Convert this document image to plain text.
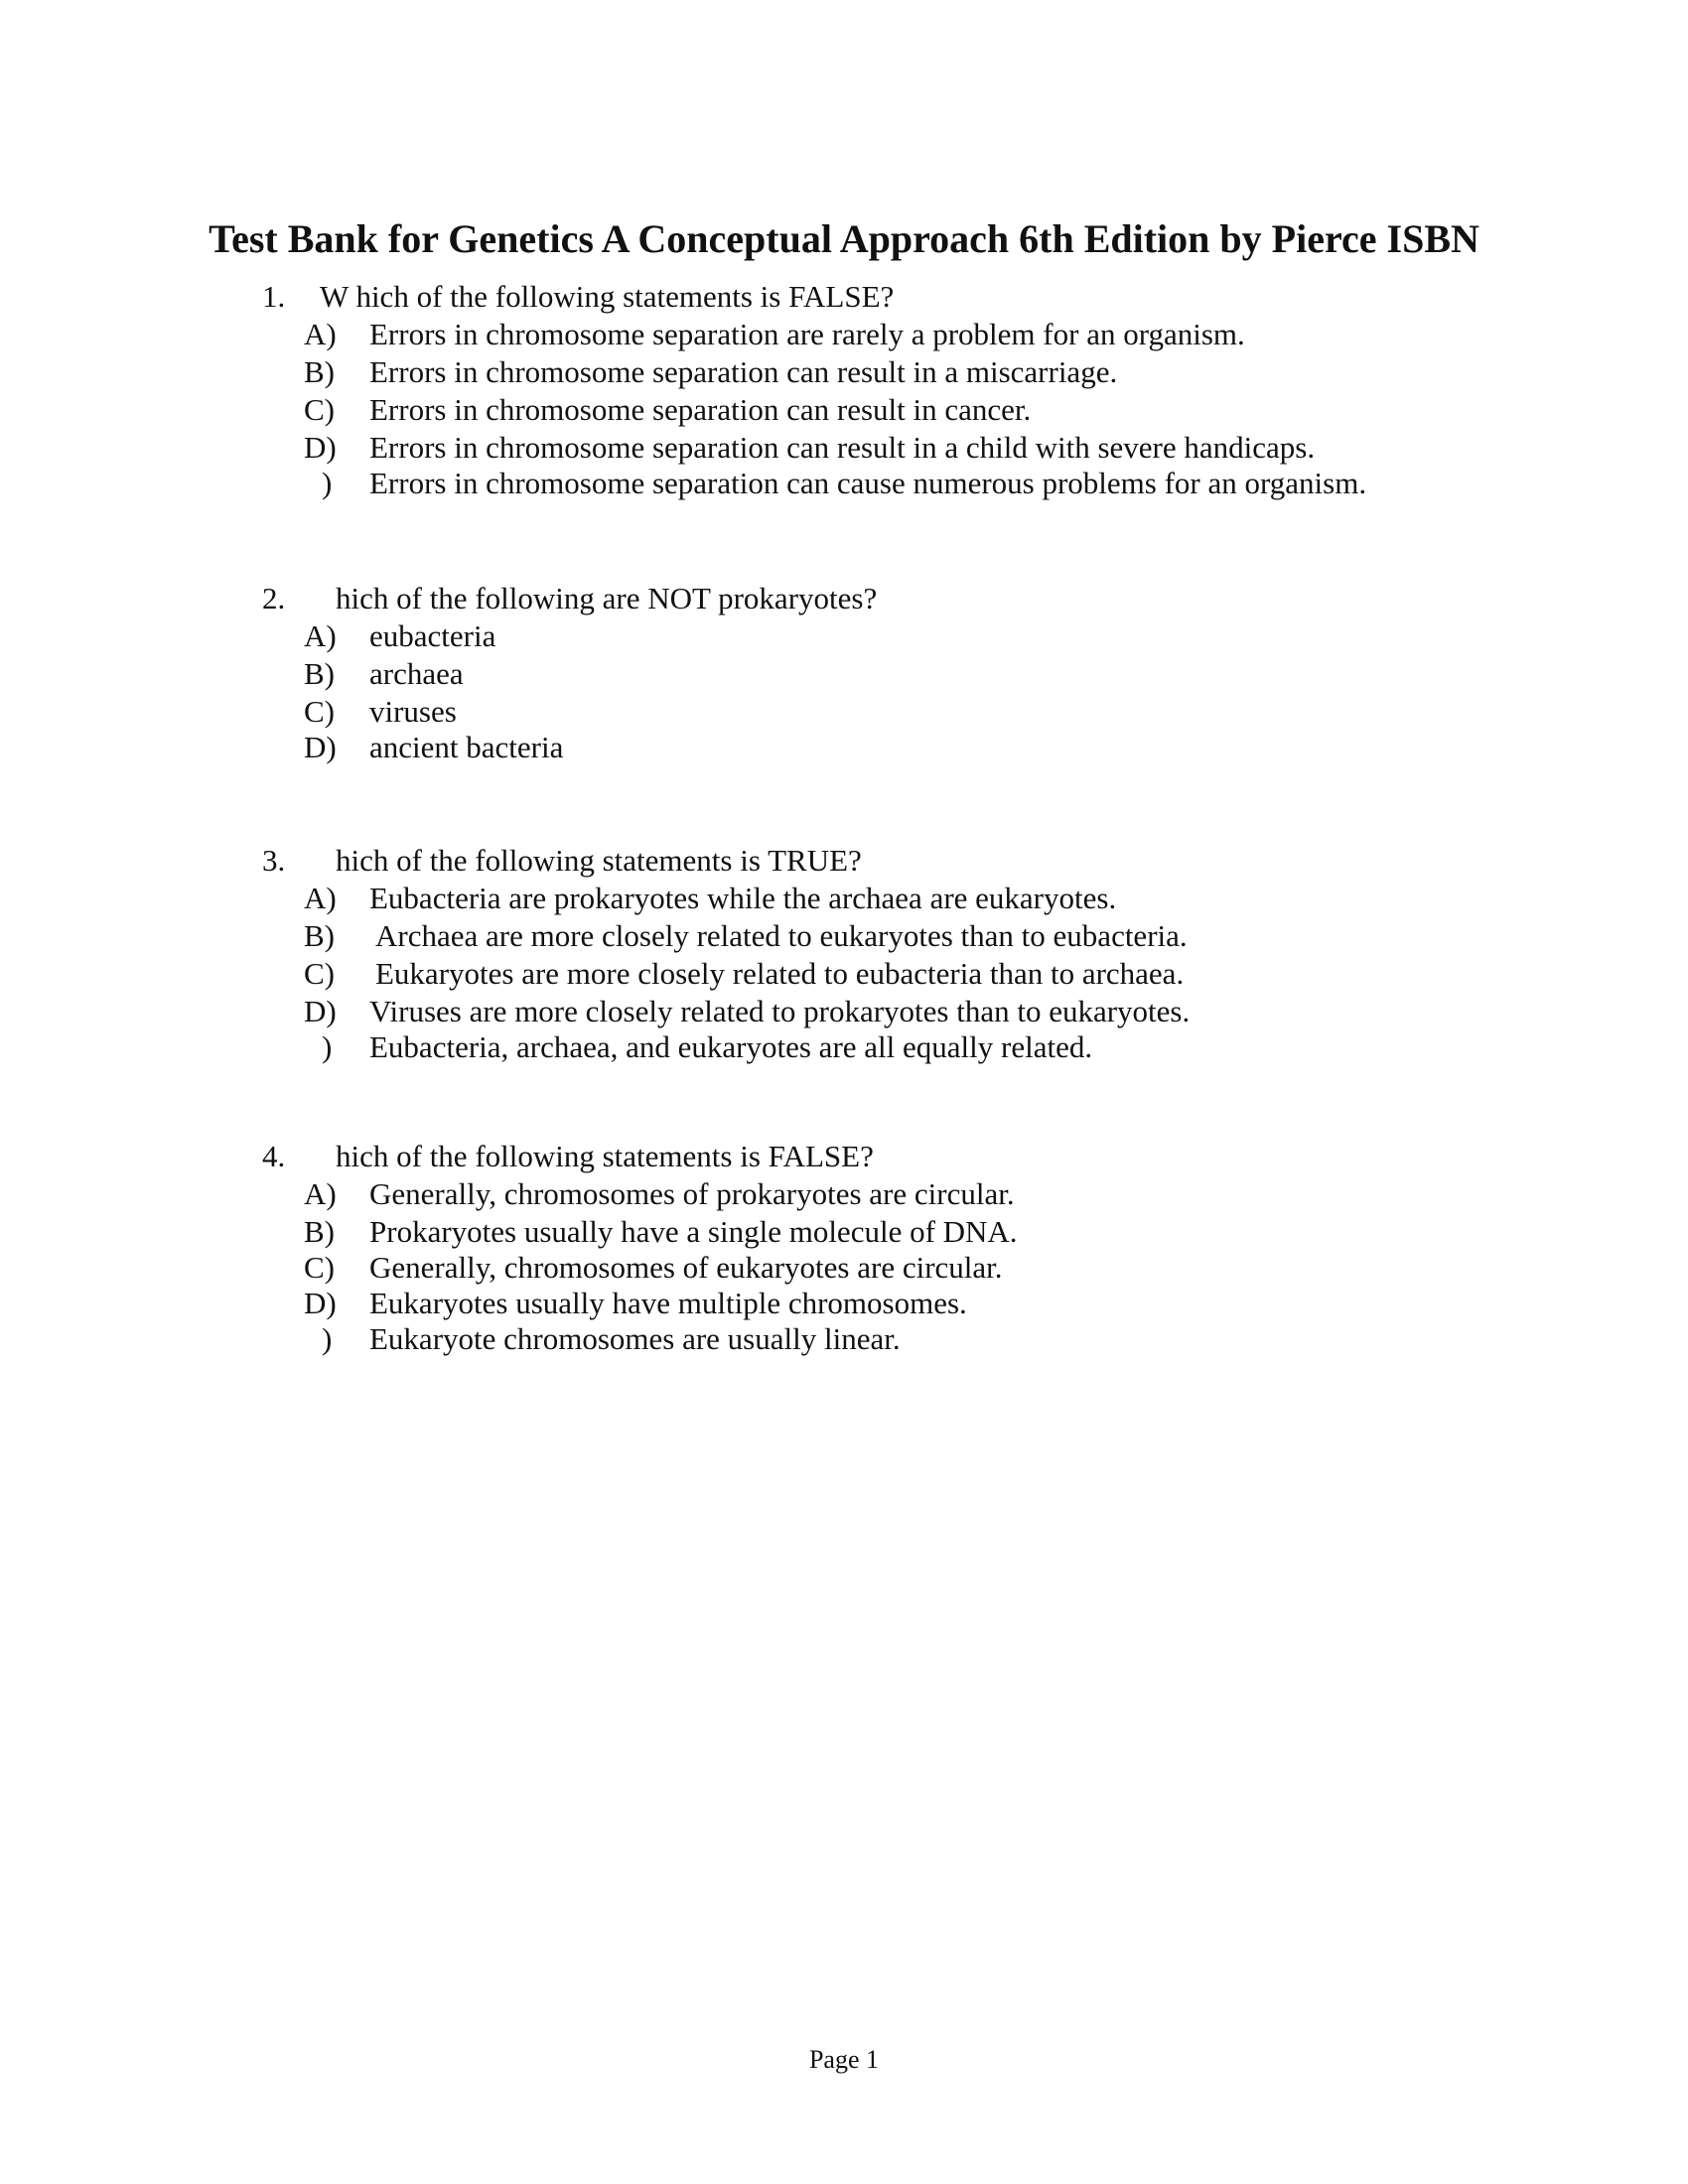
Test Bank for Genetics A Conceptual Approach 6th Edition by Pierce ISBN

1. W hich of the following statements is FALSE?

A) Errors in chromosome separation are rarely a problem for an organism.

B) Errors in chromosome separation can result in a miscarriage.

C) Errors in chromosome separation can result in cancer.

D) Errors in chromosome separation can result in a child with severe handicaps.

) Errors in chromosome separation can cause numerous problems for an organism.

2. hich of the following are NOT prokaryotes?

A) eubacteria

B) archaea

C) viruses

D) ancient bacteria

3. hich of the following statements is TRUE?

A) Eubacteria are prokaryotes while the archaea are eukaryotes.

B) Archaea are more closely related to eukaryotes than to eubacteria.

C) Eukaryotes are more closely related to eubacteria than to archaea.

D) Viruses are more closely related to prokaryotes than to eukaryotes.

) Eubacteria, archaea, and eukaryotes are all equally related.

4. hich of the following statements is FALSE?

A) Generally, chromosomes of prokaryotes are circular.

B) Prokaryotes usually have a single molecule of DNA.

C) Generally, chromosomes of eukaryotes are circular.

D) Eukaryotes usually have multiple chromosomes.

) Eukaryote chromosomes are usually linear.

Page 1
